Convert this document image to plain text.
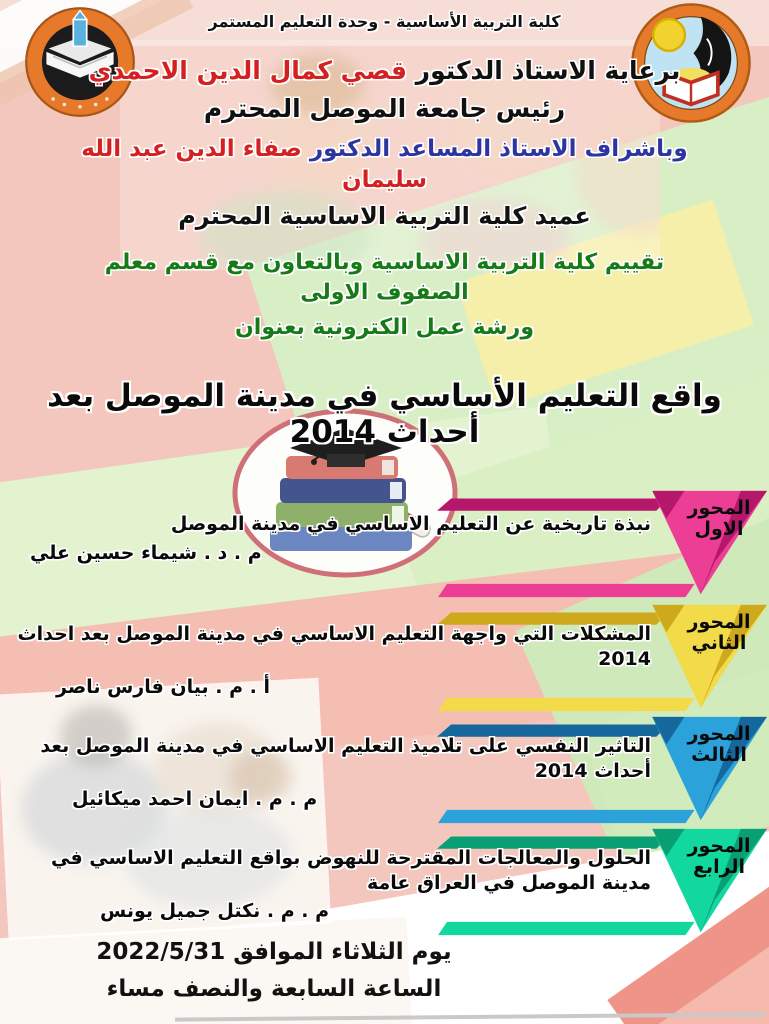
كلية التربية الأساسية - وحدة التعليم المستمر
برعاية الاستاذ الدكتور قصي كمال الدين الاحمدي
رئيس جامعة الموصل المحترم
وباشراف الاستاذ المساعد الدكتور صفاء الدين عبد الله سليمان
عميد كلية التربية الاساسية المحترم
تقييم كلية التربية الاساسية وبالتعاون مع قسم معلم الصفوف الاولى
ورشة عمل الكترونية بعنوان
واقع التعليم الأساسي في مدينة الموصل بعد أحداث 2014
المحور
الاول
نبذة تاريخية عن التعليم الاساسي في مدينة الموصل
م . د . شيماء حسين علي
المحور
الثاني
المشكلات التي واجهة التعليم الاساسي في مدينة الموصل بعد احداث 2014
أ . م . بيان فارس ناصر
المحور
الثالث
التاثير النفسي على تلاميذ التعليم الاساسي في مدينة الموصل بعد أحداث 2014
م . م . ايمان احمد ميكائيل
المحور
الرابع
الحلول والمعالجات المقترحة للنهوض بواقع التعليم الاساسي في مدينة الموصل في العراق عامة
م . م . نكتل جميل يونس
يوم الثلاثاء الموافق 2022/5/31
الساعة السابعة والنصف مساء
